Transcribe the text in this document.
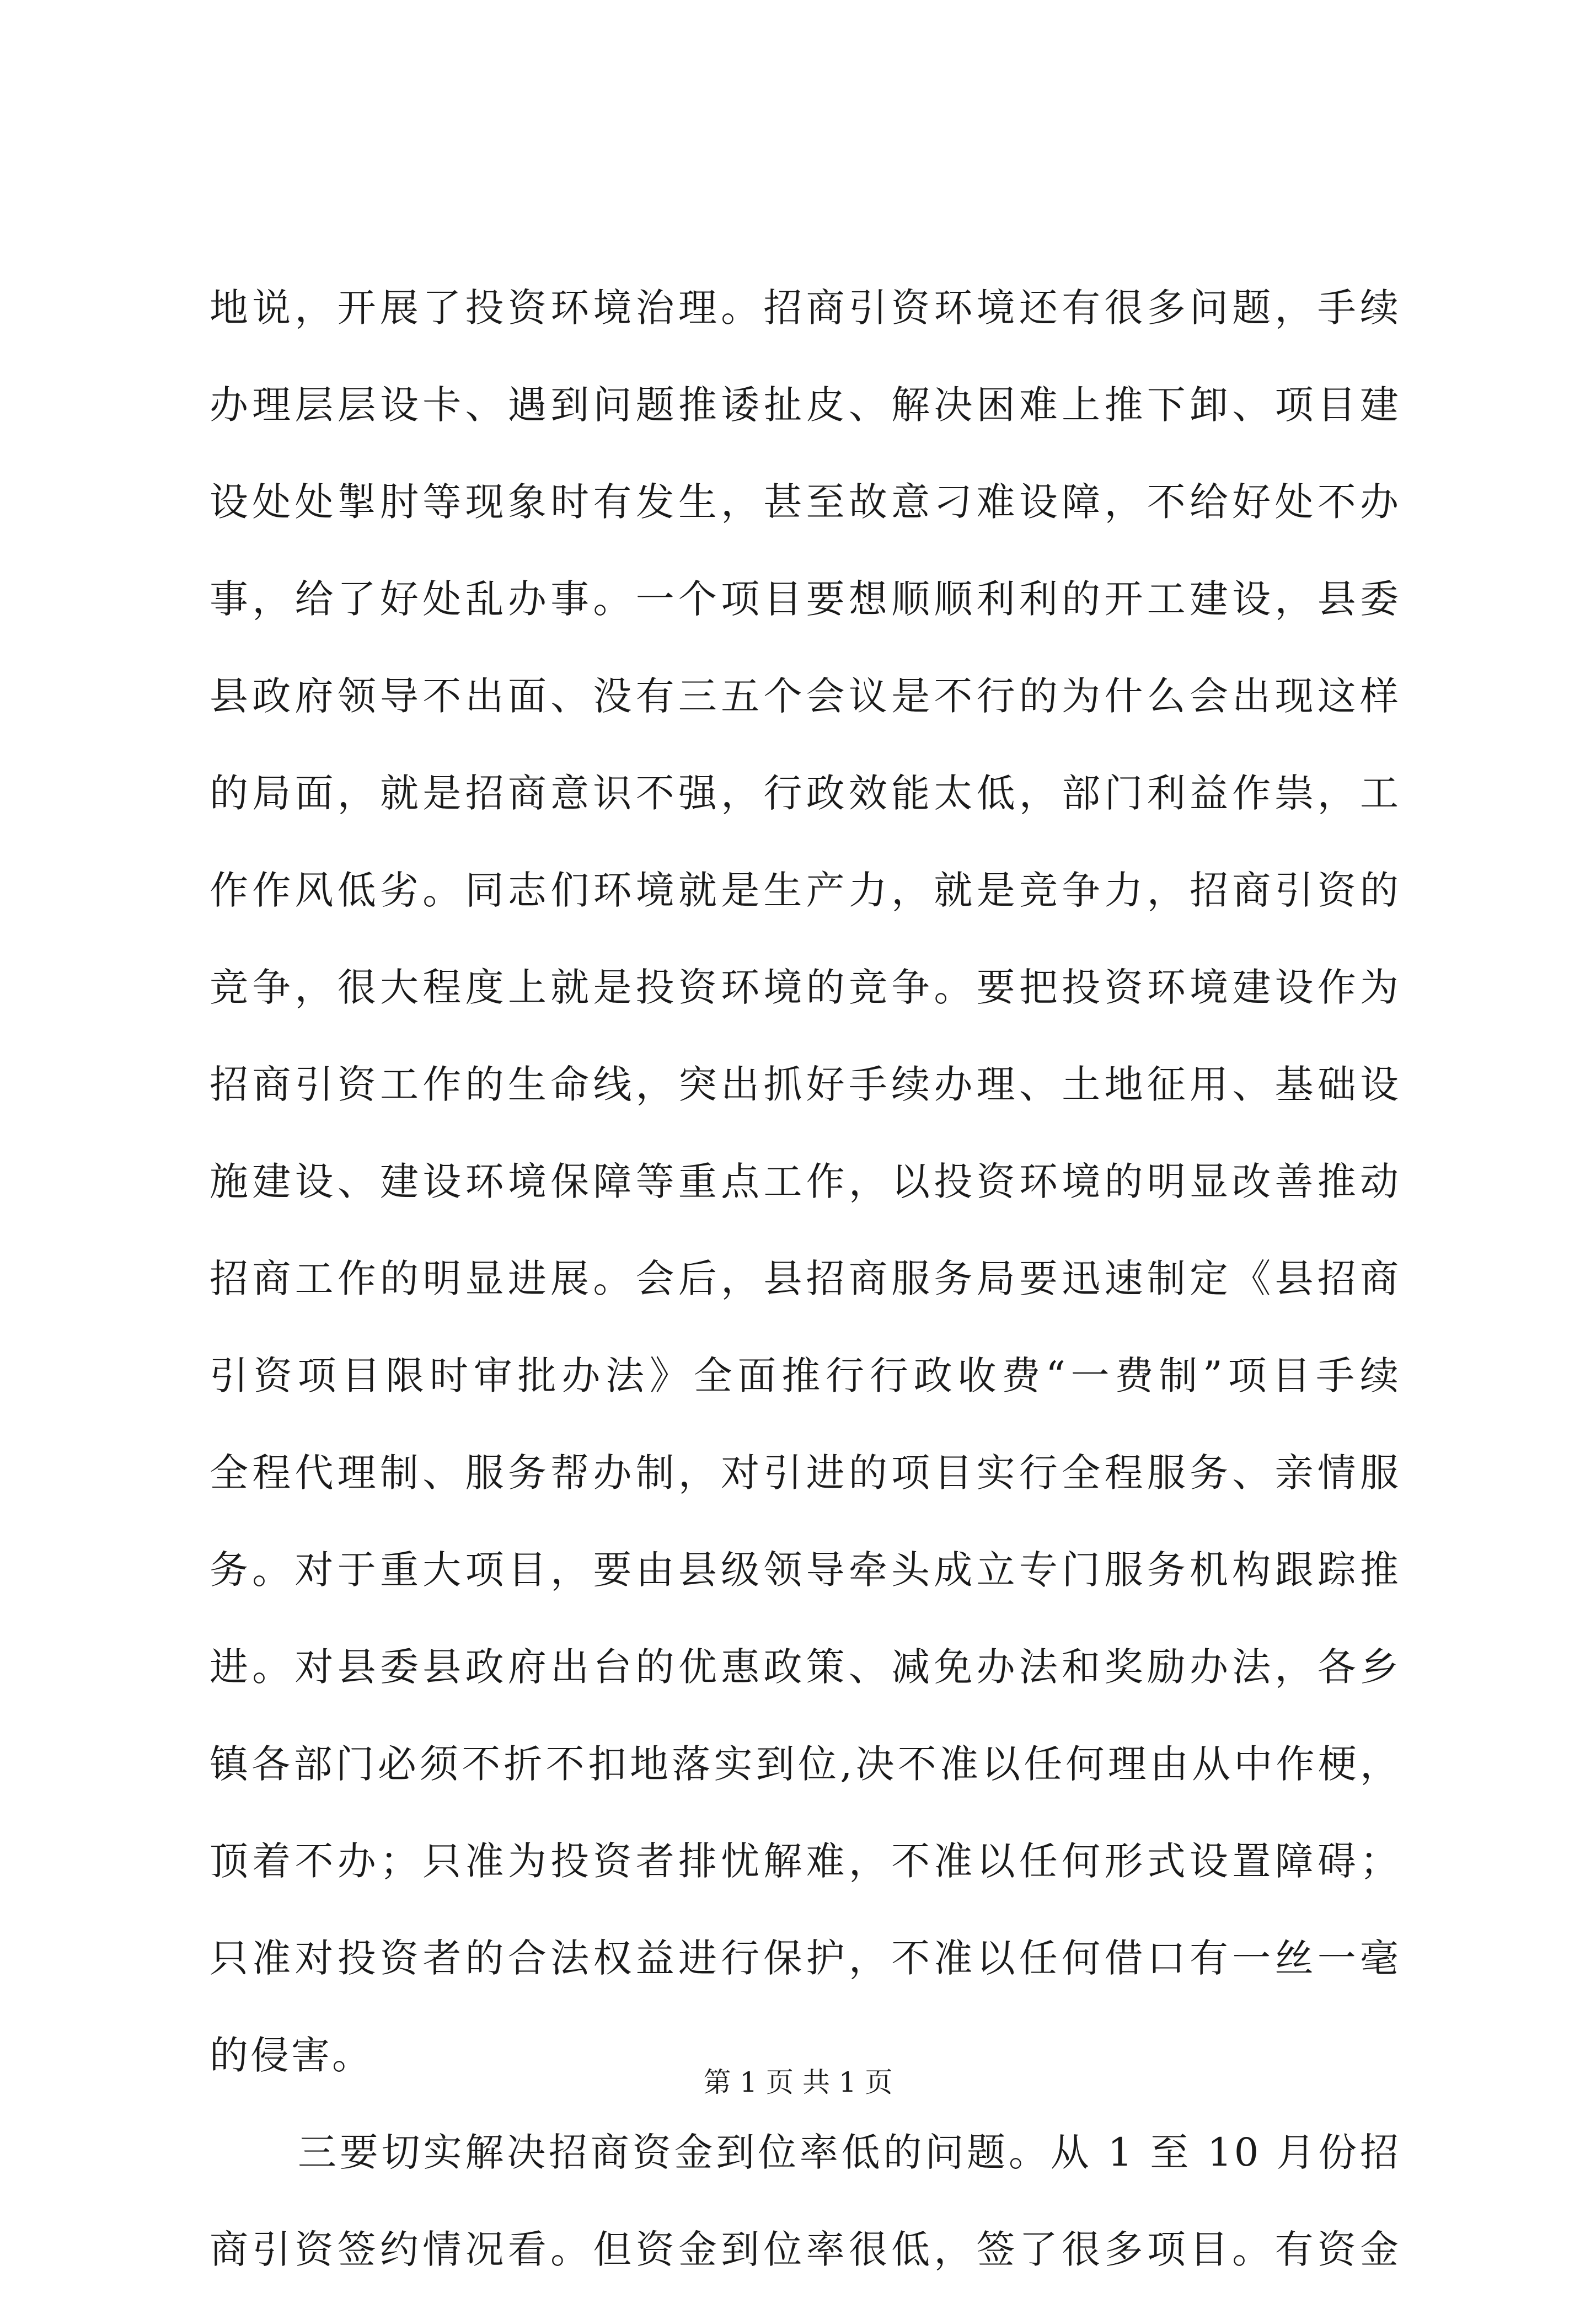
地说，开展了投资环境治理。招商引资环境还有很多问题，手续
办理层层设卡、遇到问题推诿扯皮、解决困难上推下卸、项目建
设处处掣肘等现象时有发生，甚至故意刁难设障，不给好处不办
事，给了好处乱办事。一个项目要想顺顺利利的开工建设，县委
县政府领导不出面、没有三五个会议是不行的为什么会出现这样
的局面，就是招商意识不强，行政效能太低，部门利益作祟，工
作作风低劣。同志们环境就是生产力，就是竞争力，招商引资的
竞争，很大程度上就是投资环境的竞争。要把投资环境建设作为
招商引资工作的生命线，突出抓好手续办理、土地征用、基础设
施建设、建设环境保障等重点工作，以投资环境的明显改善推动
招商工作的明显进展。会后，县招商服务局要迅速制定《县招商
引资项目限时审批办法》全面推行行政收费“一费制”项目手续
全程代理制、服务帮办制，对引进的项目实行全程服务、亲情服
务。对于重大项目，要由县级领导牵头成立专门服务机构跟踪推
进。对县委县政府出台的优惠政策、减免办法和奖励办法，各乡
镇各部门必须不折不扣地落实到位,决不准以任何理由从中作梗，
顶着不办；只准为投资者排忧解难，不准以任何形式设置障碍；
只准对投资者的合法权益进行保护，不准以任何借口有一丝一毫
的侵害。
三要切实解决招商资金到位率低的问题。从 1 至 10 月份招
商引资签约情况看。但资金到位率很低，签了很多项目。有资金
第 1 页 共 1 页
